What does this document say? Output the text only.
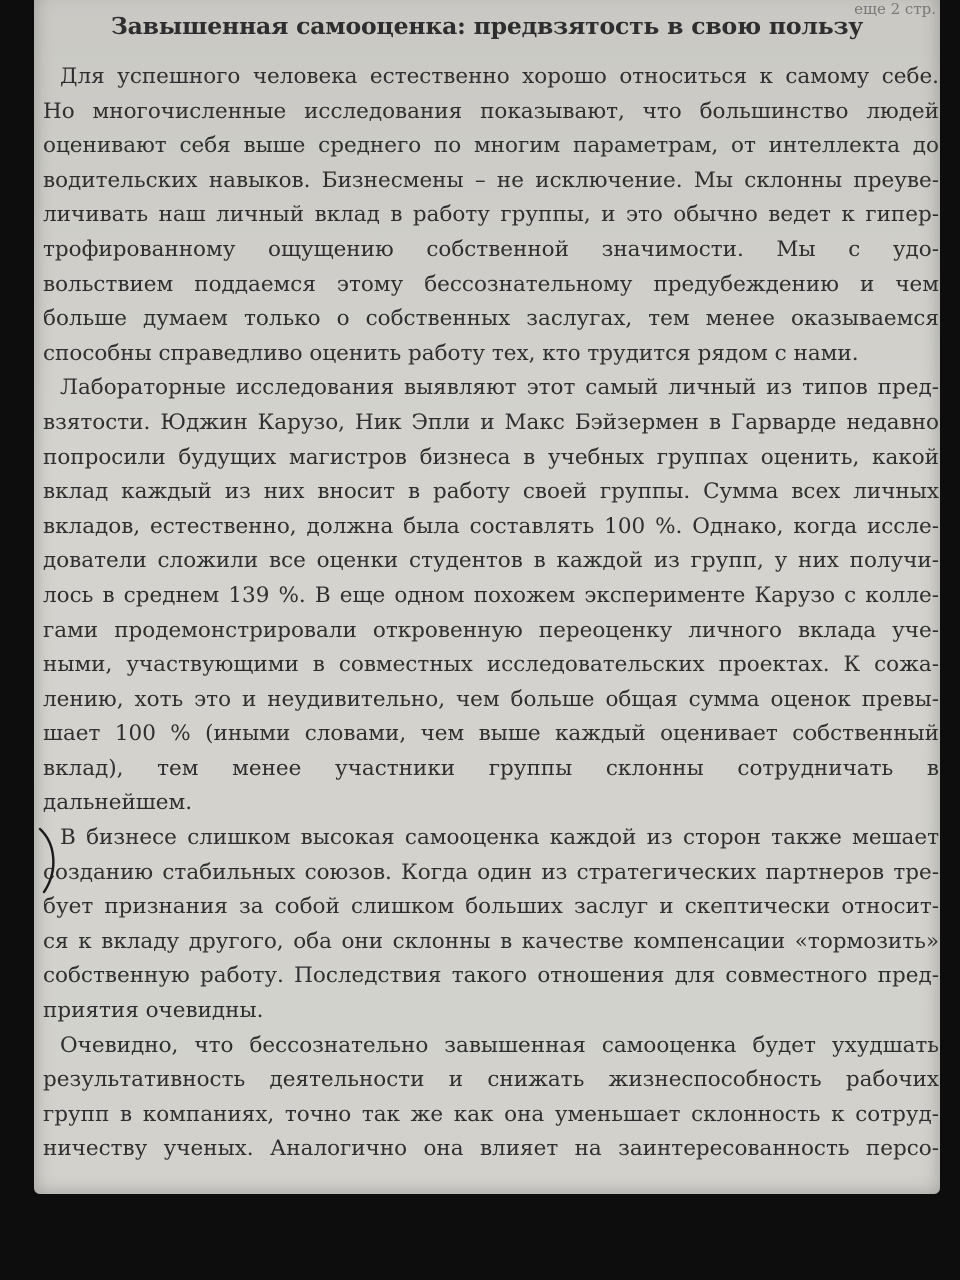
еще 2 стр.
Завышенная самооценка: предвзятость в свою пользу
Для успешного человека естественно хорошо относиться к самому себе.
Но многочисленные исследования показывают, что большинство людей
оценивают себя выше среднего по многим параметрам, от интеллекта до
водительских навыков. Бизнесмены – не исключение. Мы склонны преуве-
личивать наш личный вклад в работу группы, и это обычно ведет к гипер-
трофированному ощущению собственной значимости. Мы с удо-
вольствием поддаемся этому бессознательному предубеждению и чем
больше думаем только о собственных заслугах, тем менее оказываемся
способны справедливо оценить работу тех, кто трудится рядом с нами.
Лабораторные исследования выявляют этот самый личный из типов пред-
взятости. Юджин Карузо, Ник Эпли и Макс Бэйзермен в Гарварде недавно
попросили будущих магистров бизнеса в учебных группах оценить, какой
вклад каждый из них вносит в работу своей группы. Сумма всех личных
вкладов, естественно, должна была составлять 100 %. Однако, когда иссле-
дователи сложили все оценки студентов в каждой из групп, у них получи-
лось в среднем 139 %. В еще одном похожем эксперименте Карузо с колле-
гами продемонстрировали откровенную переоценку личного вклада уче-
ными, участвующими в совместных исследовательских проектах. К сожа-
лению, хоть это и неудивительно, чем больше общая сумма оценок превы-
шает 100 % (иными словами, чем выше каждый оценивает собственный
вклад), тем менее участники группы склонны сотрудничать в
дальнейшем.
В бизнесе слишком высокая самооценка каждой из сторон также мешает
созданию стабильных союзов. Когда один из стратегических партнеров тре-
бует признания за собой слишком больших заслуг и скептически относит-
ся к вкладу другого, оба они склонны в качестве компенсации «тормозить»
собственную работу. Последствия такого отношения для совместного пред-
приятия очевидны.
Очевидно, что бессознательно завышенная самооценка будет ухудшать
результативность деятельности и снижать жизнеспособность рабочих
групп в компаниях, точно так же как она уменьшает склонность к сотруд-
ничеству ученых. Аналогично она влияет на заинтересованность персо-
